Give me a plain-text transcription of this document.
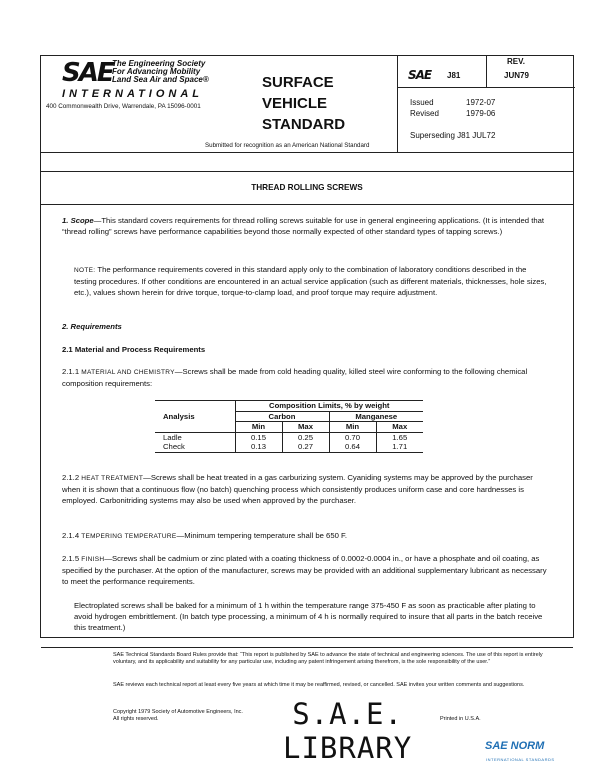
SAE The Engineering Society
For Advancing Mobility
Land Sea Air and Space®
INTERNATIONAL
400 Commonwealth Drive, Warrendale, PA 15096-0001
SURFACE
VEHICLE
STANDARD
Submitted for recognition as an American National Standard
SAE J81
REV.
JUN79
Issued	1972-07
Revised	1979-06
Superseding J81 JUL72
THREAD ROLLING SCREWS
1. Scope—This standard covers requirements for thread rolling screws suitable for use in general engineering applications. (It is intended that “thread rolling” screws have performance capabilities beyond those normally expected of other standard types of tapping screws.)
NOTE: The performance requirements covered in this standard apply only to the combination of laboratory conditions described in the testing procedures. If other conditions are encountered in an actual service application (such as different materials, thicknesses, hole sizes, etc.), values shown herein for drive torque, torque-to-clamp load, and proof torque may require adjustment.
2. Requirements
2.1 Material and Process Requirements
2.1.1 MATERIAL AND CHEMISTRY—Screws shall be made from cold heading quality, killed steel wire conforming to the following chemical composition requirements:
Analysis	Composition Limits, % by weight			
	Carbon		Manganese	
	Min	Max	Min	Max
Ladle	0.15	0.25	0.70	1.65
Check	0.13	0.27	0.64	1.71
2.1.2 HEAT TREATMENT—Screws shall be heat treated in a gas carburizing system. Cyaniding systems may be approved by the purchaser when it is shown that a continuous flow (no batch) quenching process which consistently produces uniform case and core hardnesses is employed. Carbonitriding systems may also be used when approved by the purchaser.
2.1.4 TEMPERING TEMPERATURE—Minimum tempering temperature shall be 650 F.
2.1.5 FINISH—Screws shall be cadmium or zinc plated with a coating thickness of 0.0002-0.0004 in., or have a phosphate and oil coating, as specified by the purchaser. At the option of the manufacturer, screws may be provided with an additional supplementary lubricant as necessary to meet the performance requirements.
Electroplated screws shall be baked for a minimum of 1 h within the temperature range 375-450 F as soon as practicable after plating to avoid hydrogen embrittlement. (In batch type processing, a minimum of 4 h is normally required to insure that all parts in the batch receive this treatment.)
SAE Technical Standards Board Rules provide that: “This report is published by SAE to advance the state of technical and engineering sciences. The use of this report is entirely voluntary, and its applicability and suitability for any particular use, including any patent infringement arising therefrom, is the sole responsibility of the user.”
SAE reviews each technical report at least every five years at which time it may be reaffirmed, revised, or cancelled. SAE invites your written comments and suggestions.
Copyright 1979 Society of Automotive Engineers, Inc.
All rights reserved.	S.A.E.
LIBRARY
Printed in U.S.A.
SAE NORM
INTERNATIONAL STANDARDS
